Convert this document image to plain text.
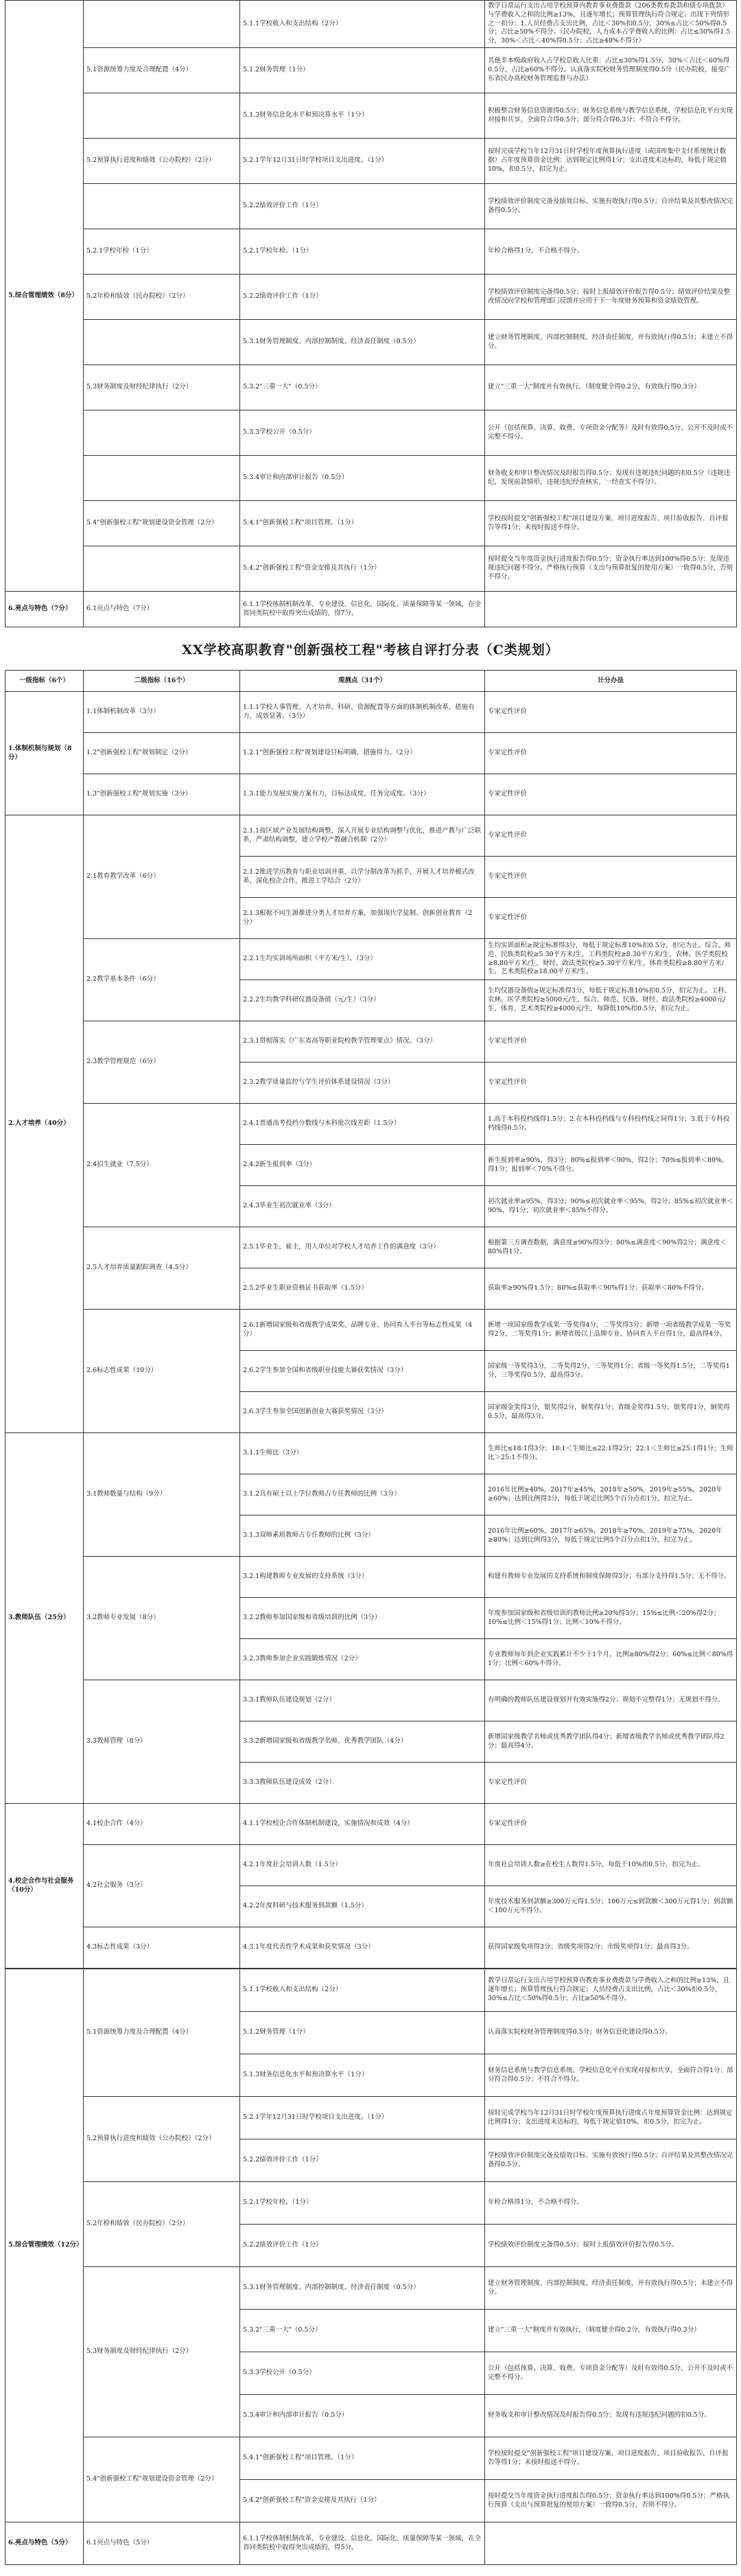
5.综合管理绩效（8分）		5.1.1学校收入和支出结构（2分）	教学日常运行支出占用学校预算内教育事业费拨款（206类教育拨款和债专项拨款）与学费收入之和的比例≥13%，且逐年增长；预算管理执行符合规定；出现下列情形之一扣分：1.人员经费占支出比例，占比＜30%扣0.5分，30%≤占比＜50%得0.5分；占比≥50%不得分。（民办院校，人力成本占学费收入的比例：占比≤30%得1.5分，30%＜占比＜40%得0.5分；占比≥40%不得分）
	5.1资源统筹力度及合理配置（4分）	5.1.2财务管理（1分）	其他非本级政府收入占学校总收入比重：占比≤30%得1.5分，30%＜占比＜60%得0.5分，占比≥60%不得分。认真落实院校财务管理制度得0.5分（民办院校，接受广东省民办高校财务管理监督与办法）
		5.1.3财务信息化水平和预决算水平（1分）	积极整合财务信息资源得0.5分；财务信息系统与教学信息系统、学校信息化平台实现对接和共享，全面符合得0.5分；部分符合得0.3分；不符合不得分。
	5.2预算执行进度和绩效（公办院校）（2分）	5.2.1学年12月31日时学校项目支出进度。（1分）	按时完成学校当年12月31日时学校年度预算执行进度（或国库集中支付系统统计数据）占年度预算资金比例：达到规定比例得1分；支出进度未达标的，每低于规定值10%，扣0.5分，扣完为止。
		5.2.2绩效评价工作（1分）	学校绩效评价制度完备及绩效目标、实施有效执行得0.5分；自评结果及其整改情况完备得0.5分。
	5.2.1学校年检（1分）	5.2.1学校年检。（1分）	年检合格得1分，不合格不得分。
	5.2年检和绩效（民办院校）（2分）	5.2.2绩效评价工作（1分）	学校绩效评价制度完备得0.5分；按时上报绩效评价报告得0.5分；绩效评价结果及整改情况向学校和管理部门反馈并应用于下一年度财务预算和资金绩效管理。
		5.3.1财务管理制度、内部控制制度、经济责任制度（0.5分）	建立财务管理制度、内部控制制度，经济责任制度，并有效执行得0.5分；未建立不得分。
	5.3财务制度及财经纪律执行（2分）	5.3.2"三重一大"（0.5分）	建立"三重一大"制度并有效执行，（制度健全得0.2分，有效执行得0.3分）
		5.3.3学校公开（0.5分）	公开（包括预算、决算、收费、专项资金分配等）及时有效得0.5分，公开不及时或不完整不得分。
		5.3.4审计和内部审计报告（0.5分）	财务收支和审计整改情况及时报告得0.5分；发现有违规违纪问题的扣0.5分（违规违纪，发现前款情形，违规违纪经查核实，一经查实不得分）。
	5.4"创新强校工程"规划建设资金管理（2分）	5.4.1"创新强校工程"项目管理。（1分）	学校按时提交"创新强校工程"项目建设方案、项目进度报告、项目验收报告、自评报告等得1分；未按时报送不得分。
		5.4.2"创新强校工程"资金安排及其执行（1分）	按时提交当年度资金执行进度报告得0.5分；资金执行率达到100%得0.5分；发现违规违纪问题不得分。严格执行预算（支出与预算批复的使用方案）一致得0.5分，否则不得分。
6.亮点与特色（7分）	6.1亮点与特色（7分）	6.1.1学校体制机制改革、专业建设、信息化、国际化、质量保障等某一领域，在全省同类院校中取得突出成绩的，得7分。	
XX学校高职教育"创新强校工程"考核自评打分表（C类规划）
一级指标（6个）	二级指标（16个）	观测点（31个）	计分办法
1.体制机制与规划（8分）	1.1体制机制改革（3分）	1.1.1学校人事管理、人才培养、科研、资源配置等方面的体制机制改革，措施有力，成效显著。（3分）	专家定性评价
	1.2"创新强校工程"规划制定（2分）	1.2.1"创新强校工程"规划建设目标明确，措施得力。（2分）	专家定性评价
	1.3"创新强校工程"规划实施（3分）	1.3.1能力发展实施方案有力，目标达成度，任务完成度。（3分）	专家定性评价
2.人才培养（40分）	2.1教育教学改革（6分）	2.1.1按区域产业发展结构调整，深入开展专业结构调整与优化，推进产教与广泛联系，严肃结构调整，建立学校产教融合机制（2分）	专家定性评价
		2.1.2推进学历教育与职业培训并重，以学分制改革为抓手，开展人才培养模式改革，深化校企合作，推进工学结合（2分）	专家定性评价
		2.1.3根据不同生源推进分类人才培养方案，加强现代学徒制、创新创业教育（2分）	专家定性评价
	2.2教学基本条件（6分）	2.2.1生均实训场所面积（平方米/生）。（3分）	生均实训面积≥规定标准得3分，每低于规定标准10%扣0.5分，扣完为止。综合、师范、民族类院校≥5.30平方米/生，工科类院校≥8.30平方米/生，农林、医学类院校≥8.80平方米/生，财经、政法类院校≥5.30平方米/生，体育类院校≥8.80平方米/生，艺术类院校≥18.00平方米/生。
		2.2.2生均教学科研仪器设备值（元/生）（3分）	生均仪器设备值≥规定标准得3分，每低于规定标准10%扣0.5分，扣完为止。工科、农林、医学类院校≥5000元/生，综合、师范、民族、财经、政法类院校≥4000元/生，体育、艺术类院校≥4000元/生，每降低10%扣0.5分，扣完为止。
	2.3教学管理规范（6分）	2.3.1贯彻落实《广东省高等职业院校教学管理要点》情况。（3分）	专家定性评价
		2.3.2教学质量监控与学生评价体系建设情况（3分）	专家定性评价
	2.4招生就业（7.5分）	2.4.1普通高考投档分数线与本科批次线差距（1.5分）	1.高于本科投档线得1.5分；2.在本科投档线与专科投档线之间得1分；3.低于专科投档线得0.5分。
		2.4.2新生报到率（3分）	新生报到率≥90%，得3分；80%≤报到率＜90%，得2分；70%≤报到率＜80%，得1分；报到率＜70%不得分。
		2.4.3毕业生初次就业率（3分）	初次就业率≥95%，得3分；90%≤初次就业率＜95%，得2分；85%≤初次就业率＜90%，得1分；初次就业率＜85%不得分。
	2.5人才培养质量跟踪调查（4.5分）	2.5.1毕业生，雇主，用人单位对学校人才培养工作的满意度（3分）	根据第三方调查数据，满意度≥90%得3分；80%≤满意度＜90%得2分；满意度＜80%得1分。
		2.5.2毕业生职业资格证书获取率（1.5分）	获取率≥90%得1.5分；80%≤获取率＜90%得1分；获取率＜80%不得分。
	2.6标志性成果（10分）	2.6.1新增国家级和省级教学成果奖、品牌专业、协同育人平台等标志性成果（4分）	新增一项国家级教学成果一等奖得4分，二等奖得3分；新增一项省级教学成果一等奖得2分，二等奖得1分；新增省级以上品牌专业、协同育人平台得1分，最高得4分。
		2.6.2学生参加全国和省级职业技能大赛获奖情况（3分）	国家级一等奖得3分，二等奖得2分，三等奖得1分；省级一等奖得1.5分，二等奖得1分，三等奖得0.5分，最高得3分。
		2.6.3学生参加全国创新创业大赛获奖情况（3分）	国家级金奖得3分，银奖得2分，铜奖得1分；省级金奖得1.5分，银奖得1分，铜奖得0.5分，最高得3分。
3.教师队伍（25分）	3.1教师数量与结构（9分）	3.1.1生师比（3分）	生师比≤18:1得3分；18:1＜生师比≤22:1得2分；22:1＜生师比≤25:1得1分；生师比＞25:1不得分。
		3.1.2具有硕士以上学位教师占专任教师的比例（3分）	2016年比例≥40%，2017年≥45%，2018年≥50%，2019年≥55%，2020年≥60%；达到比例得3分，每低于规定比例5个百分点扣1分，扣完为止。
		3.1.3双师素质教师占专任教师的比例（3分）	2016年比例≥60%，2017年≥65%，2018年≥70%，2019年≥75%，2020年≥80%；达到比例得3分，每低于规定比例5个百分点扣1分，扣完为止。
	3.2教师专业发展（8分）	3.2.1构建教师专业发展的支持系统（3分）	构建有教师专业发展的支持系统和制度保障得3分；有部分支持得1.5分；无不得分。
		3.2.2教师参加国家级和省级培训的比例（3分）	年度参加国家级和省级培训的教师比例≥20%得3分；15%≤比例＜20%得2分；10%≤比例＜15%得1分；比例＜10%不得分。
		3.2.3教师参加企业实践锻炼情况（2分）	专业教师每年到企业实践累计不少于1个月，比例≥80%得2分；60%≤比例＜80%得1分；比例＜60%不得分。
	3.3教师管理（8分）	3.3.1教师队伍建设规划（2分）	有明确的教师队伍建设规划并有效实施得2分；规划不完整得1分；无规划不得分。
		3.3.2新增国家级和省级教学名师、优秀教学团队（4分）	新增国家级教学名师或优秀教学团队得4分；新增省级教学名师或优秀教学团队得2分；最高得4分。
		3.3.3教师队伍建设成效（2分）	专家定性评价
4.校企合作与社会服务（10分）	4.1校企合作（4分）	4.1.1学校校企合作体制机制建设，实施情况和成效（4分）	专家定性评价
	4.2社会服务（3分）	4.2.1年度社会培训人数（1.5分）	年度社会培训人数≥在校生人数得1.5分，每低于10%扣0.5分，扣完为止。
		4.2.2年度科研与技术服务到款额（1.5分）	年度技术服务到款额≥300万元得1.5分；100万元≤到款额＜300万元得1分；到款额＜100万元不得分。
	4.3标志性成果（3分）	4.3.1年度代表性学术成果和获奖情况（3分）	获得国家级奖项得3分；省级奖项得2分；市级奖项得1分；最高得3分。
5.综合管理绩效（12分）	5.1资源统筹力度及合理配置（4分）	5.1.1学校收入和支出结构（2分）	教学日常运行支出占用学校预算内教育事业费拨款与学费收入之和的比例≥13%，且逐年增长；预算管理执行符合规定；人员经费占支出比例，占比＜30%扣0.5分，30%≤占比＜50%得0.5分；占比≥50%不得分。
		5.1.2财务管理（1分）	认真落实院校财务管理制度得0.5分；财务信息化建设得0.5分。
		5.1.3财务信息化水平和预决算水平（1分）	财务信息系统与教学信息系统、学校信息化平台实现对接和共享，全面符合得1分；部分符合得0.5分；不符合不得分。
	5.2预算执行进度和绩效（公办院校）（2分）	5.2.1学年12月31日时学校项目支出进度。（1分）	按时完成学校当年12月31日时学校年度预算执行进度占年度预算资金比例：达到规定比例得1分；支出进度未达标的，每低于规定值10%，扣0.5分，扣完为止。
		5.2.2绩效评价工作（1分）	学校绩效评价制度完备及绩效目标、实施有效执行得0.5分；自评结果及其整改情况完备得0.5分。
	5.2年检和绩效（民办院校）（2分）	5.2.1学校年检。（1分）	年检合格得1分，不合格不得分。
		5.2.2绩效评价工作（1分）	学校绩效评价制度完备得0.5分；按时上报绩效评价报告得0.5分。
	5.3财务制度及财经纪律执行（2分）	5.3.1财务管理制度、内部控制制度、经济责任制度（0.5分）	建立财务管理制度、内部控制制度，经济责任制度，并有效执行得0.5分；未建立不得分。
		5.3.2"三重一大"（0.5分）	建立"三重一大"制度并有效执行，（制度健全得0.2分，有效执行得0.3分）
		5.3.3学校公开（0.5分）	公开（包括预算、决算、收费、专项资金分配等）及时有效得0.5分，公开不及时或不完整不得分。
		5.3.4审计和内部审计报告（0.5分）	财务收支和审计整改情况及时报告得0.5分；发现有违规违纪问题的扣0.5分。
	5.4"创新强校工程"规划建设资金管理（2分）	5.4.1"创新强校工程"项目管理。（1分）	学校按时提交"创新强校工程"项目建设方案、项目进度报告、项目验收报告、自评报告等得1分；未按时报送不得分。
		5.4.2"创新强校工程"资金安排及其执行（1分）	按时提交当年度资金执行进度报告得0.5分；资金执行率达到100%得0.5分；严格执行预算（支出与预算批复的使用方案）一致得0.5分，否则不得分。
6.亮点与特色（5分）	6.1亮点与特色（5分）	6.1.1学校体制机制改革、专业建设、信息化、国际化、质量保障等某一领域，在全省同类院校中取得突出成绩的，得5分。	
